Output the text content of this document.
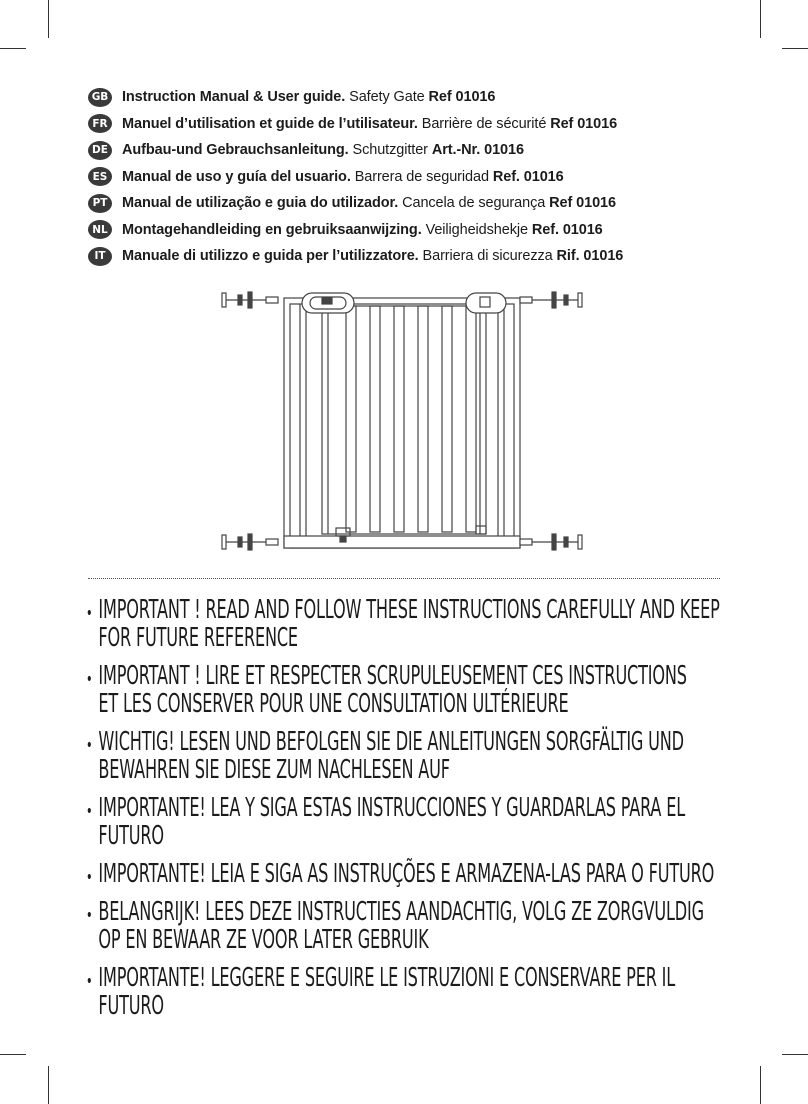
GB Instruction Manual & User guide. Safety Gate Ref 01016
FR Manuel d’utilisation et guide de l’utilisateur. Barrière de sécurité Ref 01016
DE Aufbau-und Gebrauchsanleitung. Schutzgitter Art.-Nr. 01016
ES	Manual de uso y guía del usuario. Barrera de seguridad Ref. 01016
PT	Manual de utilização e guia do utilizador. Cancela de segurança Ref 01016
NL Montagehandleiding en gebruiksaanwijzing. Veiligheidshekje Ref. 01016
IT	Manuale di utilizzo e guida per l’utilizzatore. Barriera di sicurezza Rif. 01016
• IMPORTANT ! READ AND FOLLOW THESE INSTRUCTIONS CAREFULLY AND KEEP
FOR FUTURE REFERENCE
• IMPORTANT ! LIRE ET RESPECTER SCRUPULEUSEMENT CES INSTRUCTIONS
ET LES CONSERVER POUR UNE CONSULTATION ULTÉRIEURE
• WICHTIG! LESEN UND BEFOLGEN SIE DIE ANLEITUNGEN SORGFÄLTIG UND
BEWAHREN SIE DIESE ZUM NACHLESEN AUF
• IMPORTANTE! LEA Y SIGA ESTAS INSTRUCCIONES Y GUARDARLAS PARA EL
FUTURO
• IMPORTANTE! LEIA E SIGA AS INSTRUÇÕES E ARMAZENA-LAS PARA O FUTURO
• BELANGRIJK! LEES DEZE INSTRUCTIES AANDACHTIG, VOLG ZE ZORGVULDIG
OP EN BEWAAR ZE VOOR LATER GEBRUIK
• IMPORTANTE! LEGGERE E SEGUIRE LE ISTRUZIONI E CONSERVARE PER IL
FUTURO
